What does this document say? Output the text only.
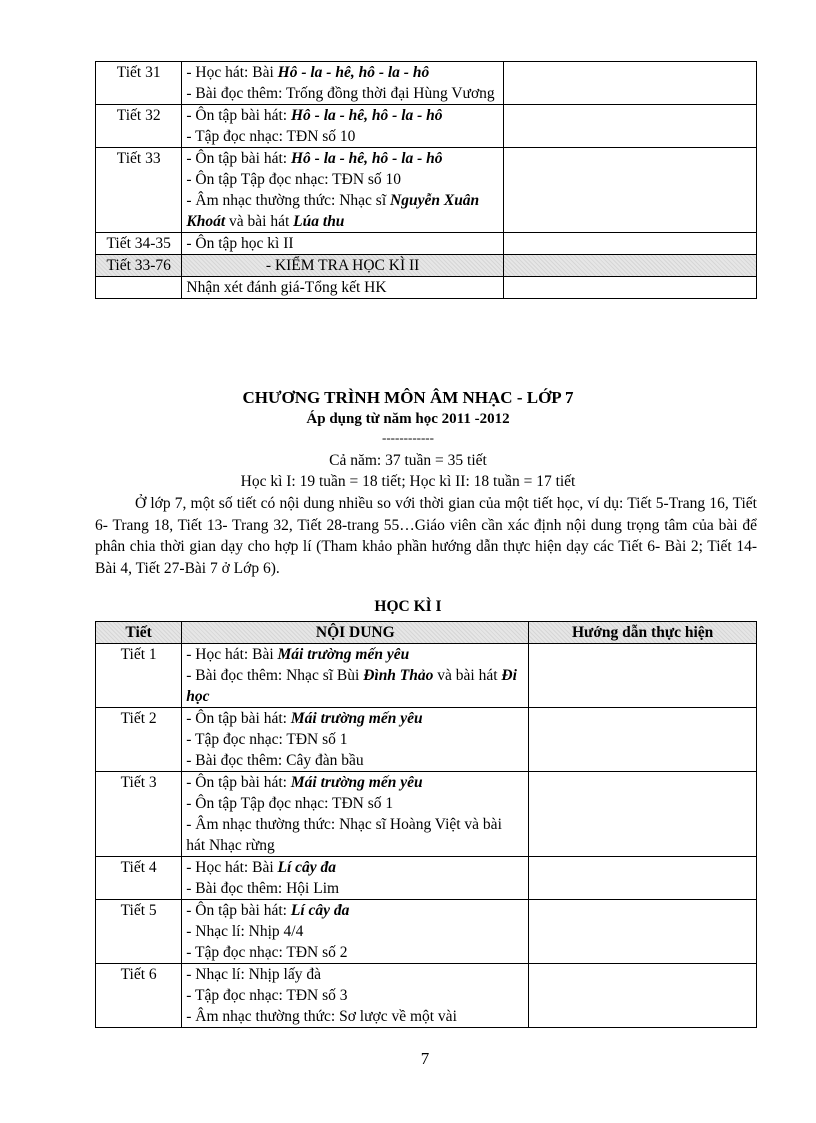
Tiết 31	- Học hát: Bài Hô - la - hê, hô - la - hô
- Bài đọc thêm: Trống đồng thời đại Hùng Vương	

Tiết 32	- Ôn tập bài hát: Hô - la - hê, hô - la - hô
- Tập đọc nhạc: TĐN số 10	

Tiết 33	- Ôn tập bài hát: Hô - la - hê, hô - la - hô
- Ôn tập Tập đọc nhạc: TĐN số 10
- Âm nhạc thường thức: Nhạc sĩ Nguyễn Xuân Khoát và bài hát Lúa thu	

Tiết 34-35	- Ôn tập học kì II	

Tiết 33-76	- KIỂM TRA HỌC KÌ II	

	Nhận xét đánh giá-Tổng kết HK	

CHƯƠNG TRÌNH MÔN ÂM NHẠC - LỚP 7
Áp dụng từ năm học 2011 -2012
------------
Cả năm: 37 tuần = 35 tiết
Học kì I: 19 tuần = 18 tiết; Học kì II: 18 tuần = 17 tiết

Ở lớp 7, một số tiết có nội dung nhiều so với thời gian của một tiết học, ví dụ: Tiết 5-Trang 16, Tiết 6- Trang 18, Tiết 13- Trang 32, Tiết 28-trang 55…Giáo viên cần xác định nội dung trọng tâm của bài để phân chia thời gian dạy cho hợp lí (Tham khảo phần hướng dẫn thực hiện dạy các Tiết 6- Bài 2; Tiết 14-Bài 4, Tiết 27-Bài 7 ở Lớp 6).

HỌC KÌ I
Tiết	NỘI DUNG	Hướng dẫn thực hiện
Tiết 1	- Học hát: Bài Mái trường mến yêu
- Bài đọc thêm: Nhạc sĩ Bùi Đình Thảo và bài hát Đi học	

Tiết 2	- Ôn tập bài hát: Mái trường mến yêu
- Tập đọc nhạc: TĐN số 1
- Bài đọc thêm: Cây đàn bầu	

Tiết 3	- Ôn tập bài hát: Mái trường mến yêu
- Ôn tập Tập đọc nhạc: TĐN số 1
- Âm nhạc thường thức: Nhạc sĩ Hoàng Việt và bài hát Nhạc rừng	

Tiết 4	- Học hát: Bài Lí cây đa
- Bài đọc thêm: Hội Lim	

Tiết 5	- Ôn tập bài hát: Lí cây đa
- Nhạc lí: Nhịp 4/4
- Tập đọc nhạc: TĐN số 2	

Tiết 6	- Nhạc lí: Nhịp lấy đà
- Tập đọc nhạc: TĐN số 3
- Âm nhạc thường thức: Sơ lược về một vài	

7
